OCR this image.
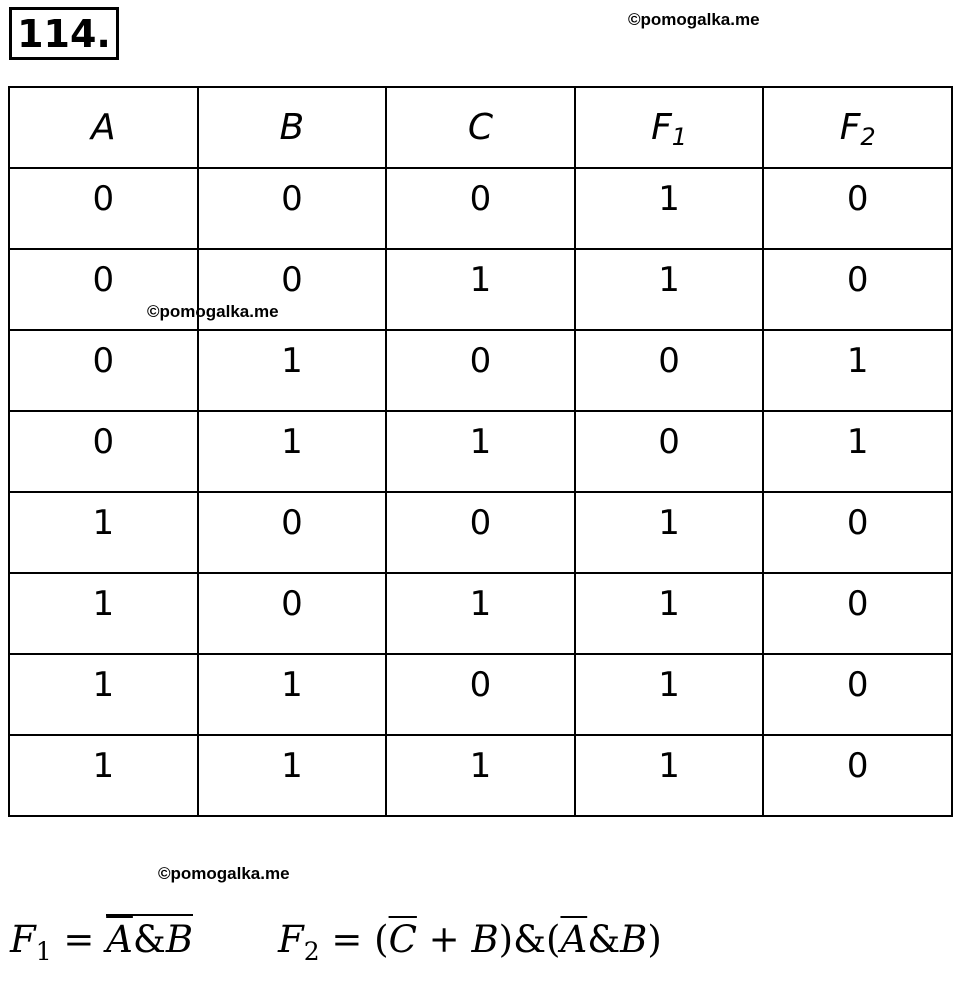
114.	©pomogalka.me
©pomogalka.me
©pomogalka.me
A	B	C	$F_1$	$F_2$
0	0	0	1	0
0	0	1	1	0
0	1	0	0	1
0	1	1	0	1
1	0	0	1	0
1	0	1	1	0
1	1	0	1	0
1	1	1	1	0
$F_1$ = $\overline{A}\&B$ $F_2 = (\overline{C}$ + $B)\&(\overline{A}\&B)$
